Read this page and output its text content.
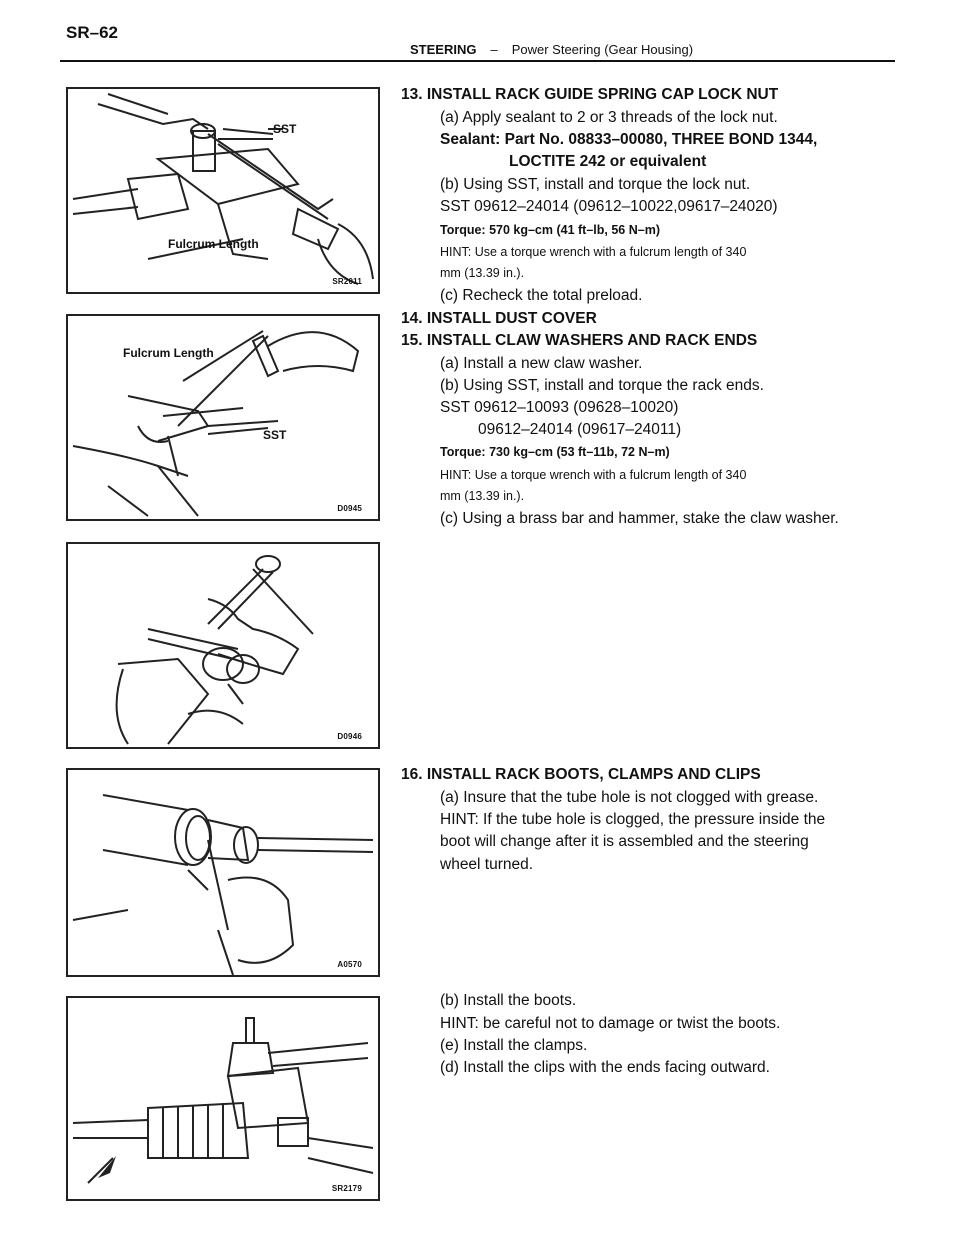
SR–62
STEERING – Power Steering (Gear Housing)
SST
Fulcrum Length
SR2011
Fulcrum Length
SST
D0945
D0946
A0570
SR2179
13. INSTALL RACK GUIDE SPRING CAP LOCK NUT
(a) Apply sealant to 2 or 3 threads of the lock nut.
Sealant: Part No. 08833–00080, THREE BOND 1344,
LOCTITE 242 or equivalent
(b) Using SST, install and torque the lock nut.
SST 09612–24014 (09612–10022,09617–24020)
Torque: 570 kg–cm (41 ft–lb, 56 N–m)
HINT: Use a torque wrench with a fulcrum length of 340
mm (13.39 in.).
(c) Recheck the total preload.
14. INSTALL DUST COVER
15. INSTALL CLAW WASHERS AND RACK ENDS
(a) Install a new claw washer.
(b) Using SST, install and torque the rack ends.
SST 09612–10093 (09628–10020)
09612–24014 (09617–24011)
Torque: 730 kg–cm (53 ft–11b, 72 N–m)
HINT: Use a torque wrench with a fulcrum length of 340
mm (13.39 in.).
(c) Using a brass bar and hammer, stake the claw washer.
16. INSTALL RACK BOOTS, CLAMPS AND CLIPS
(a) Insure that the tube hole is not clogged with grease.
HINT: If the tube hole is clogged, the pressure inside the
boot will change after it is assembled and the steering
wheel turned.
(b) Install the boots.
HINT: be careful not to damage or twist the boots.
(e) Install the clamps.
(d) Install the clips with the ends facing outward.
